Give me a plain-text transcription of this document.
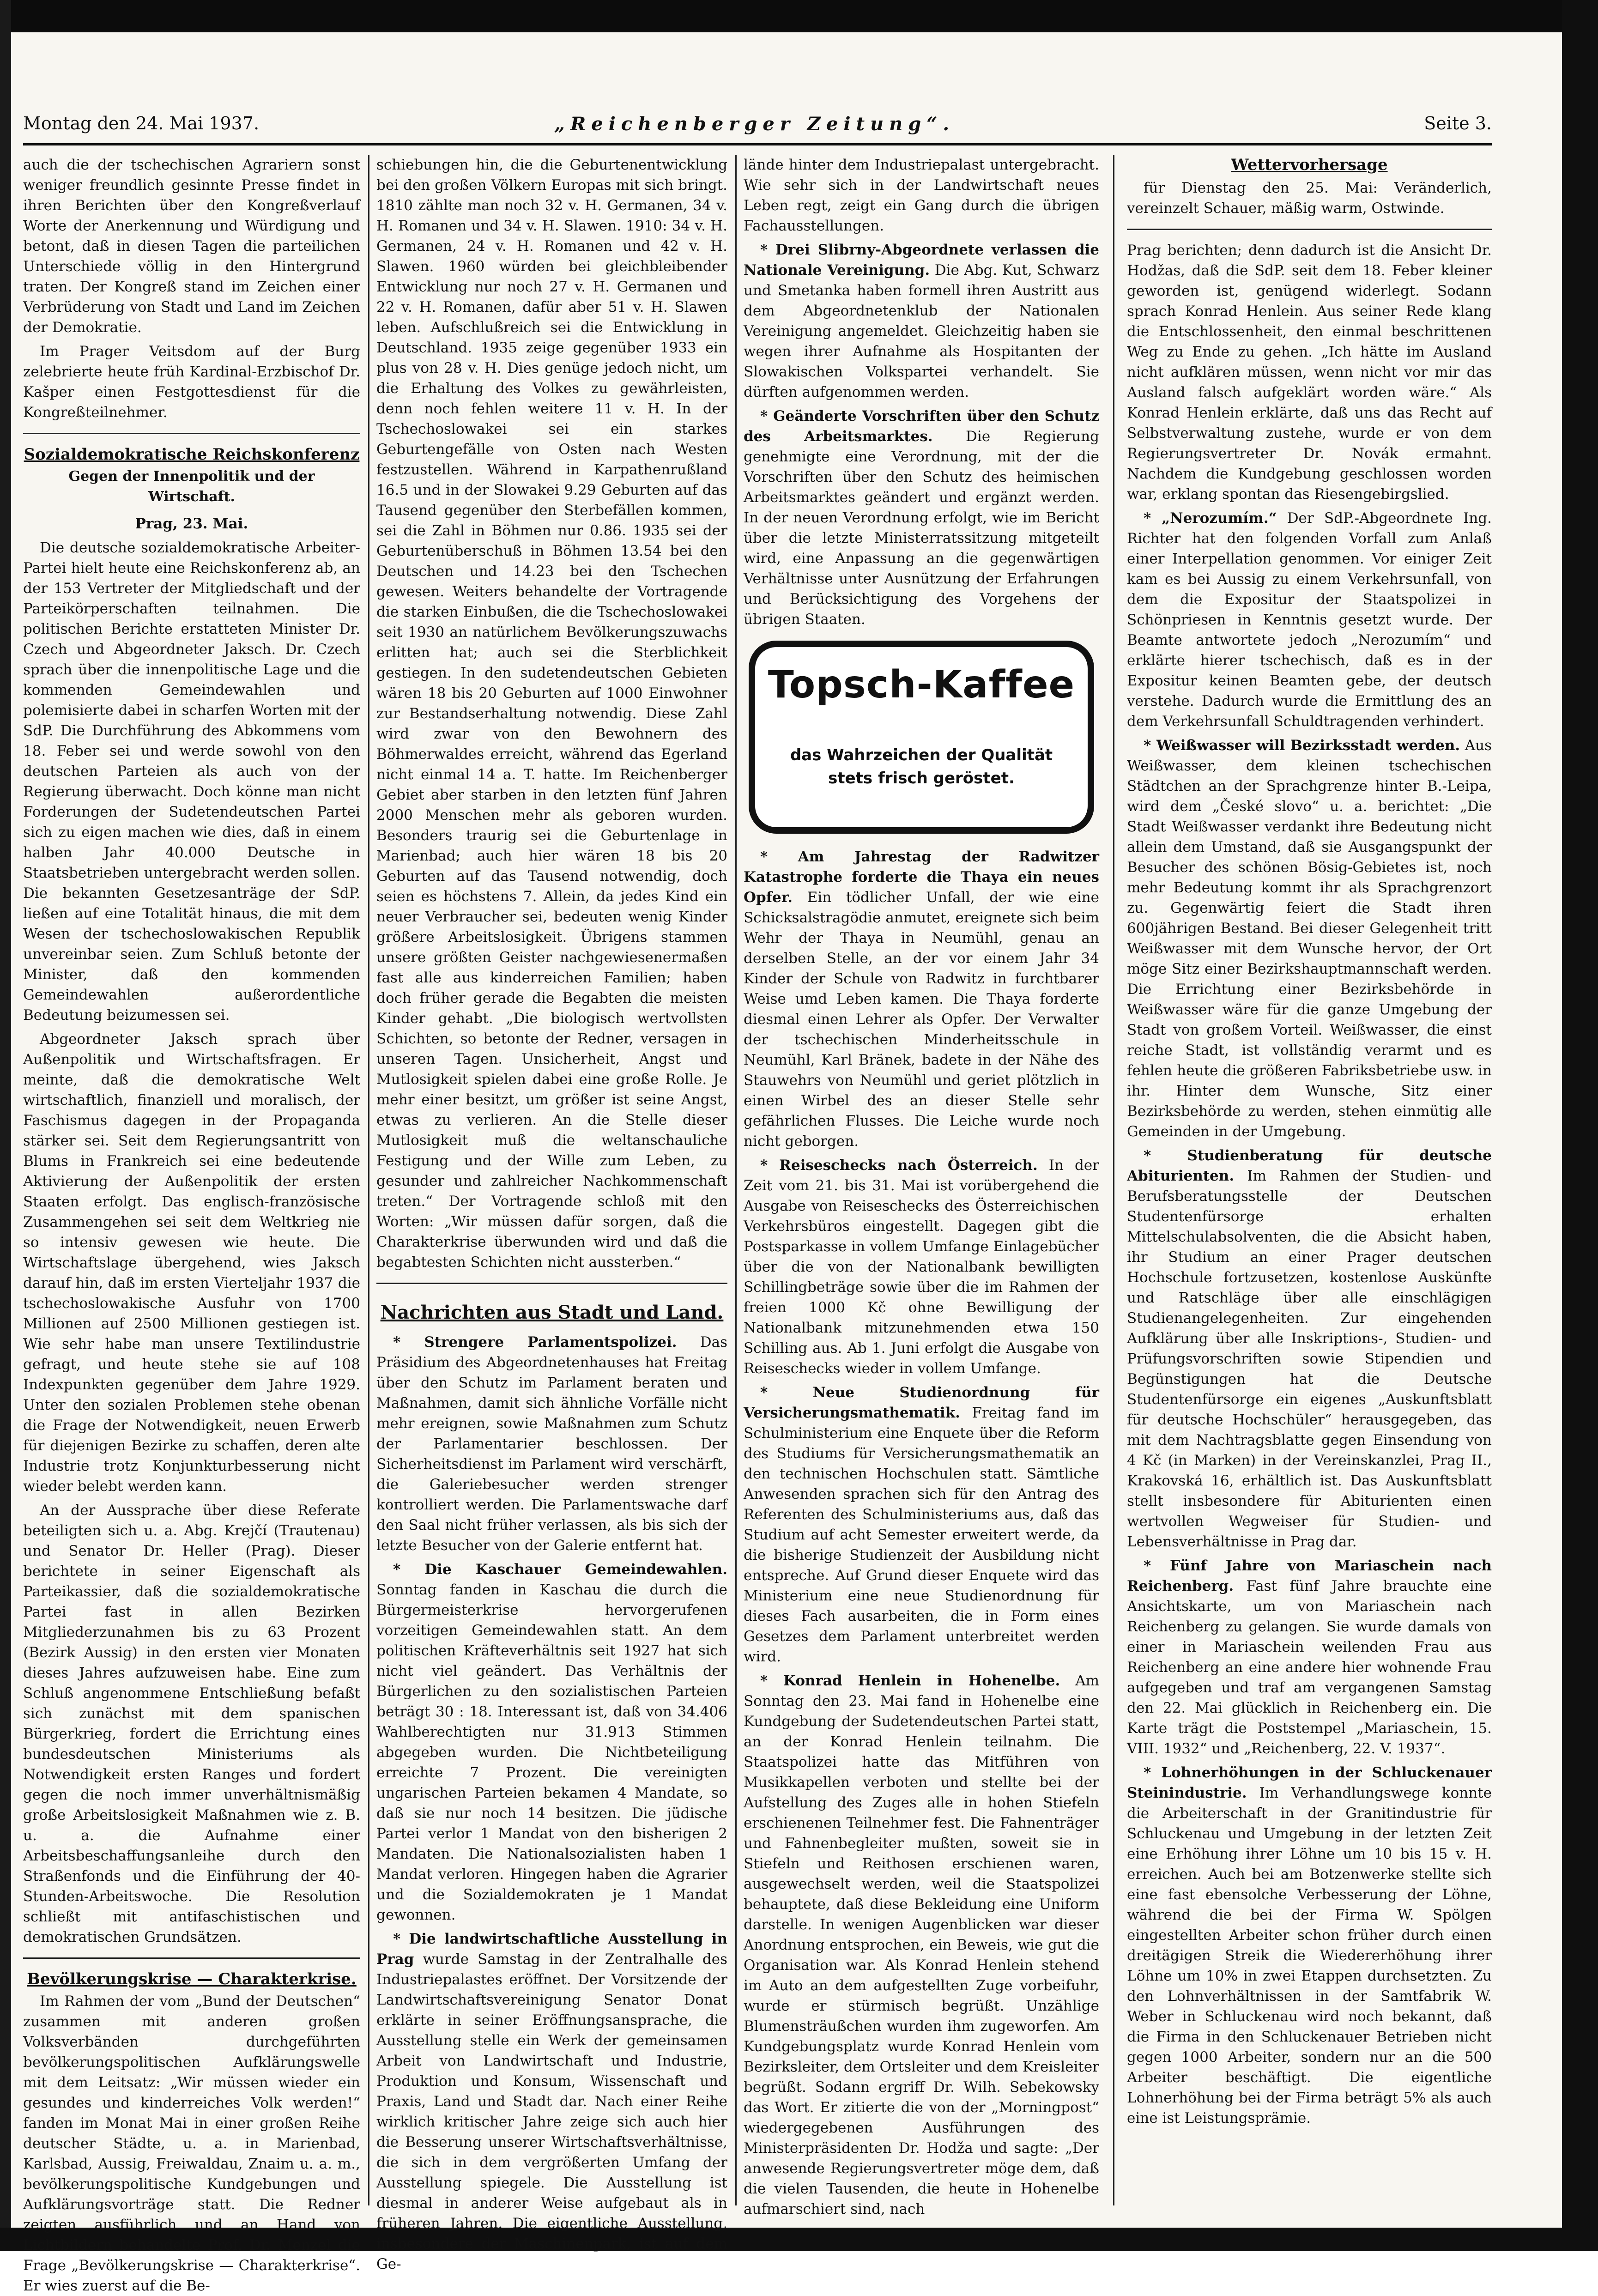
Montag den 24. Mai 1937.	„Reichenberger Zeitung“.	Seite 3.

auch die der tschechischen Agrariern sonst weniger freundlich gesinnte Presse findet in ihren Berichten über den Kongreßverlauf Worte der Anerkennung und Würdigung und betont, daß in diesen Tagen die parteilichen Unterschiede völlig in den Hintergrund traten. Der Kongreß stand im Zeichen einer Verbrüderung von Stadt und Land im Zeichen der Demokratie.

Im Prager Veitsdom auf der Burg zelebrierte heute früh Kardinal-Erzbischof Dr. Kašper einen Festgottesdienst für die Kongreßteilnehmer.

Sozialdemokratische Reichskonferenz
Gegen der Innenpolitik und der Wirtschaft.
Prag, 23. Mai.

Die deutsche sozialdemokratische Arbeiter-Partei hielt heute eine Reichskonferenz ab, an der 153 Vertreter der Mitgliedschaft und der Parteikörperschaften teilnahmen. Die politischen Berichte erstatteten Minister Dr. Czech und Abgeordneter Jaksch. Dr. Czech sprach über die innenpolitische Lage und die kommenden Gemeindewahlen und polemisierte dabei in scharfen Worten mit der SdP. Die Durchführung des Abkommens vom 18. Feber sei und werde sowohl von den deutschen Parteien als auch von der Regierung überwacht. Doch könne man nicht Forderungen der Sudetendeutschen Partei sich zu eigen machen wie dies, daß in einem halben Jahr 40.000 Deutsche in Staatsbetrieben untergebracht werden sollen. Die bekannten Gesetzesanträge der SdP. ließen auf eine Totalität hinaus, die mit dem Wesen der tschechoslowakischen Republik unvereinbar seien. Zum Schluß betonte der Minister, daß den kommenden Gemeindewahlen außerordentliche Bedeutung beizumessen sei.

Abgeordneter Jaksch sprach über Außenpolitik und Wirtschaftsfragen. Er meinte, daß die demokratische Welt wirtschaftlich, finanziell und moralisch, der Faschismus dagegen in der Propaganda stärker sei. Seit dem Regierungsantritt von Blums in Frankreich sei eine bedeutende Aktivierung der Außenpolitik der ersten Staaten erfolgt. Das englisch-französische Zusammengehen sei seit dem Weltkrieg nie so intensiv gewesen wie heute. Die Wirtschaftslage übergehend, wies Jaksch darauf hin, daß im ersten Vierteljahr 1937 die tschechoslowakische Ausfuhr von 1700 Millionen auf 2500 Millionen gestiegen ist. Wie sehr habe man unsere Textilindustrie gefragt, und heute stehe sie auf 108 Indexpunkten gegenüber dem Jahre 1929. Unter den sozialen Problemen stehe obenan die Frage der Notwendigkeit, neuen Erwerb für diejenigen Bezirke zu schaffen, deren alte Industrie trotz Konjunkturbesserung nicht wieder belebt werden kann.

An der Aussprache über diese Referate beteiligten sich u. a. Abg. Krejčí (Trautenau) und Senator Dr. Heller (Prag). Dieser berichtete in seiner Eigenschaft als Parteikassier, daß die sozialdemokratische Partei fast in allen Bezirken Mitgliederzunahmen bis zu 63 Prozent (Bezirk Aussig) in den ersten vier Monaten dieses Jahres aufzuweisen habe. Eine zum Schluß angenommene Entschließung befaßt sich zunächst mit dem spanischen Bürgerkrieg, fordert die Errichtung eines bundesdeutschen Ministeriums als Notwendigkeit ersten Ranges und fordert gegen die noch immer unverhältnismäßig große Arbeitslosigkeit Maßnahmen wie z. B. u. a. die Aufnahme einer Arbeitsbeschaffungsanleihe durch den Straßenfonds und die Einführung der 40-Stunden-Arbeitswoche. Die Resolution schließt mit antifaschistischen und demokratischen Grundsätzen.

Bevölkerungskrise — Charakterkrise.

Im Rahmen der vom „Bund der Deutschen“ zusammen mit anderen großen Volksverbänden durchgeführten bevölkerungspolitischen Aufklärungswelle mit dem Leitsatz: „Wir müssen wieder ein gesundes und kinderreiches Volk werden!“ fanden im Monat Mai in einer großen Reihe deutscher Städte, u. a. in Marienbad, Karlsbad, Aussig, Freiwaldau, Znaim u. a. m., bevölkerungspolitische Kundgebungen und Aufklärungsvorträge statt. Die Redner zeigten ausführlich und an Hand von Lichtbildern behandelte Prof. Dr. Menzel die Frage „Bevölkerungskrise — Charakterkrise“. Er wies zuerst auf die Be-

schiebungen hin, die die Geburtenentwicklung bei den großen Völkern Europas mit sich bringt. 1810 zählte man noch 32 v. H. Germanen, 34 v. H. Romanen und 34 v. H. Slawen. 1910: 34 v. H. Germanen, 24 v. H. Romanen und 42 v. H. Slawen. 1960 würden bei gleichbleibender Entwicklung nur noch 27 v. H. Germanen und 22 v. H. Romanen, dafür aber 51 v. H. Slawen leben. Aufschlußreich sei die Entwicklung in Deutschland. 1935 zeige gegenüber 1933 ein plus von 28 v. H. Dies genüge jedoch nicht, um die Erhaltung des Volkes zu gewährleisten, denn noch fehlen weitere 11 v. H. In der Tschechoslowakei sei ein starkes Geburtengefälle von Osten nach Westen festzustellen. Während in Karpathenrußland 16.5 und in der Slowakei 9.29 Geburten auf das Tausend gegenüber den Sterbefällen kommen, sei die Zahl in Böhmen nur 0.86. 1935 sei der Geburtenüberschuß in Böhmen 13.54 bei den Deutschen und 14.23 bei den Tschechen gewesen. Weiters behandelte der Vortragende die starken Einbußen, die die Tschechoslowakei seit 1930 an natürlichem Bevölkerungszuwachs erlitten hat; auch sei die Sterblichkeit gestiegen. In den sudetendeutschen Gebieten wären 18 bis 20 Geburten auf 1000 Einwohner zur Bestandserhaltung notwendig. Diese Zahl wird zwar von den Bewohnern des Böhmerwaldes erreicht, während das Egerland nicht einmal 14 a. T. hatte. Im Reichenberger Gebiet aber starben in den letzten fünf Jahren 2000 Menschen mehr als geboren wurden. Besonders traurig sei die Geburtenlage in Marienbad; auch hier wären 18 bis 20 Geburten auf das Tausend notwendig, doch seien es höchstens 7. Allein, da jedes Kind ein neuer Verbraucher sei, bedeuten wenig Kinder größere Arbeitslosigkeit. Übrigens stammen unsere größten Geister nachgewiesenermaßen fast alle aus kinderreichen Familien; haben doch früher gerade die Begabten die meisten Kinder gehabt. „Die biologisch wertvollsten Schichten, so betonte der Redner, versagen in unseren Tagen. Unsicherheit, Angst und Mutlosigkeit spielen dabei eine große Rolle. Je mehr einer besitzt, um größer ist seine Angst, etwas zu verlieren. An die Stelle dieser Mutlosigkeit muß die weltanschauliche Festigung und der Wille zum Leben, zu gesunder und zahlreicher Nachkommenschaft treten.“ Der Vortragende schloß mit den Worten: „Wir müssen dafür sorgen, daß die Charakterkrise überwunden wird und daß die begabtesten Schichten nicht aussterben.“

Nachrichten aus Stadt und Land.

* Strengere Parlamentspolizei. Das Präsidium des Abgeordnetenhauses hat Freitag über den Schutz im Parlament beraten und Maßnahmen, damit sich ähnliche Vorfälle nicht mehr ereignen, sowie Maßnahmen zum Schutz der Parlamentarier beschlossen. Der Sicherheitsdienst im Parlament wird verschärft, die Galeriebesucher werden strenger kontrolliert werden. Die Parlamentswache darf den Saal nicht früher verlassen, als bis sich der letzte Besucher von der Galerie entfernt hat.

* Die Kaschauer Gemeindewahlen. Sonntag fanden in Kaschau die durch die Bürgermeisterkrise hervorgerufenen vorzeitigen Gemeindewahlen statt. An dem politischen Kräfteverhältnis seit 1927 hat sich nicht viel geändert. Das Verhältnis der Bürgerlichen zu den sozialistischen Parteien beträgt 30 : 18. Interessant ist, daß von 34.406 Wahlberechtigten nur 31.913 Stimmen abgegeben wurden. Die Nichtbeteiligung erreichte 7 Prozent. Die vereinigten ungarischen Parteien bekamen 4 Mandate, so daß sie nur noch 14 besitzen. Die jüdische Partei verlor 1 Mandat von den bisherigen 2 Mandaten. Die Nationalsozialisten haben 1 Mandat verloren. Hingegen haben die Agrarier und die Sozialdemokraten je 1 Mandat gewonnen.

* Die landwirtschaftliche Ausstellung in Prag wurde Samstag in der Zentralhalle des Industriepalastes eröffnet. Der Vorsitzende der Landwirtschaftsvereinigung Senator Donat erklärte in seiner Eröffnungsansprache, die Ausstellung stelle ein Werk der gemeinsamen Arbeit von Landwirtschaft und Industrie, Produktion und Konsum, Wissenschaft und Praxis, Land und Stadt dar. Nach einer Reihe wirklich kritischer Jahre zeige sich auch hier die Besserung unserer Wirtschaftsverhältnisse, die sich in dem vergrößerten Umfang der Ausstellung spiegele. Die Ausstellung ist diesmal in anderer Weise aufgebaut als in früheren Jahren. Die eigentliche Ausstellung, insbesondere der Maschinenpark, ist auf dem Ge-

lände hinter dem Industriepalast untergebracht. Wie sehr sich in der Landwirtschaft neues Leben regt, zeigt ein Gang durch die übrigen Fachausstellungen.

* Drei Slibrny-Abgeordnete verlassen die Nationale Vereinigung. Die Abg. Kut, Schwarz und Smetanka haben formell ihren Austritt aus dem Abgeordnetenklub der Nationalen Vereinigung angemeldet. Gleichzeitig haben sie wegen ihrer Aufnahme als Hospitanten der Slowakischen Volkspartei verhandelt. Sie dürften aufgenommen werden.

* Geänderte Vorschriften über den Schutz des Arbeitsmarktes. Die Regierung genehmigte eine Verordnung, mit der die Vorschriften über den Schutz des heimischen Arbeitsmarktes geändert und ergänzt werden. In der neuen Verordnung erfolgt, wie im Bericht über die letzte Ministerratssitzung mitgeteilt wird, eine Anpassung an die gegenwärtigen Verhältnisse unter Ausnützung der Erfahrungen und Berücksichtigung des Vorgehens der übrigen Staaten.

Topsch-Kaffee
das Wahrzeichen der Qualität
stets frisch geröstet.

* Am Jahrestag der Radwitzer Katastrophe forderte die Thaya ein neues Opfer. Ein tödlicher Unfall, der wie eine Schicksalstragödie anmutet, ereignete sich beim Wehr der Thaya in Neumühl, genau an derselben Stelle, an der vor einem Jahr 34 Kinder der Schule von Radwitz in furchtbarer Weise umd Leben kamen. Die Thaya forderte diesmal einen Lehrer als Opfer. Der Verwalter der tschechischen Minderheitsschule in Neumühl, Karl Bränek, badete in der Nähe des Stauwehrs von Neumühl und geriet plötzlich in einen Wirbel des an dieser Stelle sehr gefährlichen Flusses. Die Leiche wurde noch nicht geborgen.

* Reiseschecks nach Österreich. In der Zeit vom 21. bis 31. Mai ist vorübergehend die Ausgabe von Reiseschecks des Österreichischen Verkehrsbüros eingestellt. Dagegen gibt die Postsparkasse in vollem Umfange Einlagebücher über die von der Nationalbank bewilligten Schillingbeträge sowie über die im Rahmen der freien 1000 Kč ohne Bewilligung der Nationalbank mitzunehmenden etwa 150 Schilling aus. Ab 1. Juni erfolgt die Ausgabe von Reiseschecks wieder in vollem Umfange.

* Neue Studienordnung für Versicherungsmathematik. Freitag fand im Schulministerium eine Enquete über die Reform des Studiums für Versicherungsmathematik an den technischen Hochschulen statt. Sämtliche Anwesenden sprachen sich für den Antrag des Referenten des Schulministeriums aus, daß das Studium auf acht Semester erweitert werde, da die bisherige Studienzeit der Ausbildung nicht entspreche. Auf Grund dieser Enquete wird das Ministerium eine neue Studienordnung für dieses Fach ausarbeiten, die in Form eines Gesetzes dem Parlament unterbreitet werden wird.

* Konrad Henlein in Hohenelbe. Am Sonntag den 23. Mai fand in Hohenelbe eine Kundgebung der Sudetendeutschen Partei statt, an der Konrad Henlein teilnahm. Die Staatspolizei hatte das Mitführen von Musikkapellen verboten und stellte bei der Aufstellung des Zuges alle in hohen Stiefeln erschienenen Teilnehmer fest. Die Fahnenträger und Fahnenbegleiter mußten, soweit sie in Stiefeln und Reithosen erschienen waren, ausgewechselt werden, weil die Staatspolizei behauptete, daß diese Bekleidung eine Uniform darstelle. In wenigen Augenblicken war dieser Anordnung entsprochen, ein Beweis, wie gut die Organisation war. Als Konrad Henlein stehend im Auto an dem aufgestellten Zuge vorbeifuhr, wurde er stürmisch begrüßt. Unzählige Blumensträußchen wurden ihm zugeworfen. Am Kundgebungsplatz wurde Konrad Henlein vom Bezirksleiter, dem Ortsleiter und dem Kreisleiter begrüßt. Sodann ergriff Dr. Wilh. Sebekowsky das Wort. Er zitierte die von der „Morningpost“ wiedergegebenen Ausführungen des Ministerpräsidenten Dr. Hodža und sagte: „Der anwesende Regierungsvertreter möge dem, daß die vielen Tausenden, die heute in Hohenelbe aufmarschiert sind, nach

Wettervorhersage

für Dienstag den 25. Mai: Veränderlich, vereinzelt Schauer, mäßig warm, Ostwinde.

Prag berichten; denn dadurch ist die Ansicht Dr. Hodžas, daß die SdP. seit dem 18. Feber kleiner geworden ist, genügend widerlegt. Sodann sprach Konrad Henlein. Aus seiner Rede klang die Entschlossenheit, den einmal beschrittenen Weg zu Ende zu gehen. „Ich hätte im Ausland nicht aufklären müssen, wenn nicht vor mir das Ausland falsch aufgeklärt worden wäre.“ Als Konrad Henlein erklärte, daß uns das Recht auf Selbstverwaltung zustehe, wurde er von dem Regierungsvertreter Dr. Novák ermahnt. Nachdem die Kundgebung geschlossen worden war, erklang spontan das Riesengebirgslied.

* „Nerozumím.“ Der SdP.-Abgeordnete Ing. Richter hat den folgenden Vorfall zum Anlaß einer Interpellation genommen. Vor einiger Zeit kam es bei Aussig zu einem Verkehrsunfall, von dem die Expositur der Staatspolizei in Schönpriesen in Kenntnis gesetzt wurde. Der Beamte antwortete jedoch „Nerozumím“ und erklärte hierer tschechisch, daß es in der Expositur keinen Beamten gebe, der deutsch verstehe. Dadurch wurde die Ermittlung des an dem Verkehrsunfall Schuldtragenden verhindert.

* Weißwasser will Bezirksstadt werden. Aus Weißwasser, dem kleinen tschechischen Städtchen an der Sprachgrenze hinter B.-Leipa, wird dem „České slovo“ u. a. berichtet: „Die Stadt Weißwasser verdankt ihre Bedeutung nicht allein dem Umstand, daß sie Ausgangspunkt der Besucher des schönen Bösig-Gebietes ist, noch mehr Bedeutung kommt ihr als Sprachgrenzort zu. Gegenwärtig feiert die Stadt ihren 600jährigen Bestand. Bei dieser Gelegenheit tritt Weißwasser mit dem Wunsche hervor, der Ort möge Sitz einer Bezirkshauptmannschaft werden. Die Errichtung einer Bezirksbehörde in Weißwasser wäre für die ganze Umgebung der Stadt von großem Vorteil. Weißwasser, die einst reiche Stadt, ist vollständig verarmt und es fehlen heute die größeren Fabriksbetriebe usw. in ihr. Hinter dem Wunsche, Sitz einer Bezirksbehörde zu werden, stehen einmütig alle Gemeinden in der Umgebung.

* Studienberatung für deutsche Abiturienten. Im Rahmen der Studien- und Berufsberatungsstelle der Deutschen Studentenfürsorge erhalten Mittelschulabsolventen, die die Absicht haben, ihr Studium an einer Prager deutschen Hochschule fortzusetzen, kostenlose Auskünfte und Ratschläge über alle einschlägigen Studienangelegenheiten. Zur eingehenden Aufklärung über alle Inskriptions-, Studien- und Prüfungsvorschriften sowie Stipendien und Begünstigungen hat die Deutsche Studentenfürsorge ein eigenes „Auskunftsblatt für deutsche Hochschüler“ herausgegeben, das mit dem Nachtragsblatte gegen Einsendung von 4 Kč (in Marken) in der Vereinskanzlei, Prag II., Krakovská 16, erhältlich ist. Das Auskunftsblatt stellt insbesondere für Abiturienten einen wertvollen Wegweiser für Studien- und Lebensverhältnisse in Prag dar.

* Fünf Jahre von Mariaschein nach Reichenberg. Fast fünf Jahre brauchte eine Ansichtskarte, um von Mariaschein nach Reichenberg zu gelangen. Sie wurde damals von einer in Mariaschein weilenden Frau aus Reichenberg an eine andere hier wohnende Frau aufgegeben und traf am vergangenen Samstag den 22. Mai glücklich in Reichenberg ein. Die Karte trägt die Poststempel „Mariaschein, 15. VIII. 1932“ und „Reichenberg, 22. V. 1937“.

* Lohnerhöhungen in der Schluckenauer Steinindustrie. Im Verhandlungswege konnte die Arbeiterschaft in der Granitindustrie für Schluckenau und Umgebung in der letzten Zeit eine Erhöhung ihrer Löhne um 10 bis 15 v. H. erreichen. Auch bei am Botzenwerke stellte sich eine fast ebensolche Verbesserung der Löhne, während die bei der Firma W. Spölgen eingestellten Arbeiter schon früher durch einen dreitägigen Streik die Wiedererhöhung ihrer Löhne um 10% in zwei Etappen durchsetzten. Zu den Lohnverhältnissen in der Samtfabrik W. Weber in Schluckenau wird noch bekannt, daß die Firma in den Schluckenauer Betrieben nicht gegen 1000 Arbeiter, sondern nur an die 500 Arbeiter beschäftigt. Die eigentliche Lohnerhöhung bei der Firma beträgt 5% als auch eine ist Leistungsprämie.
